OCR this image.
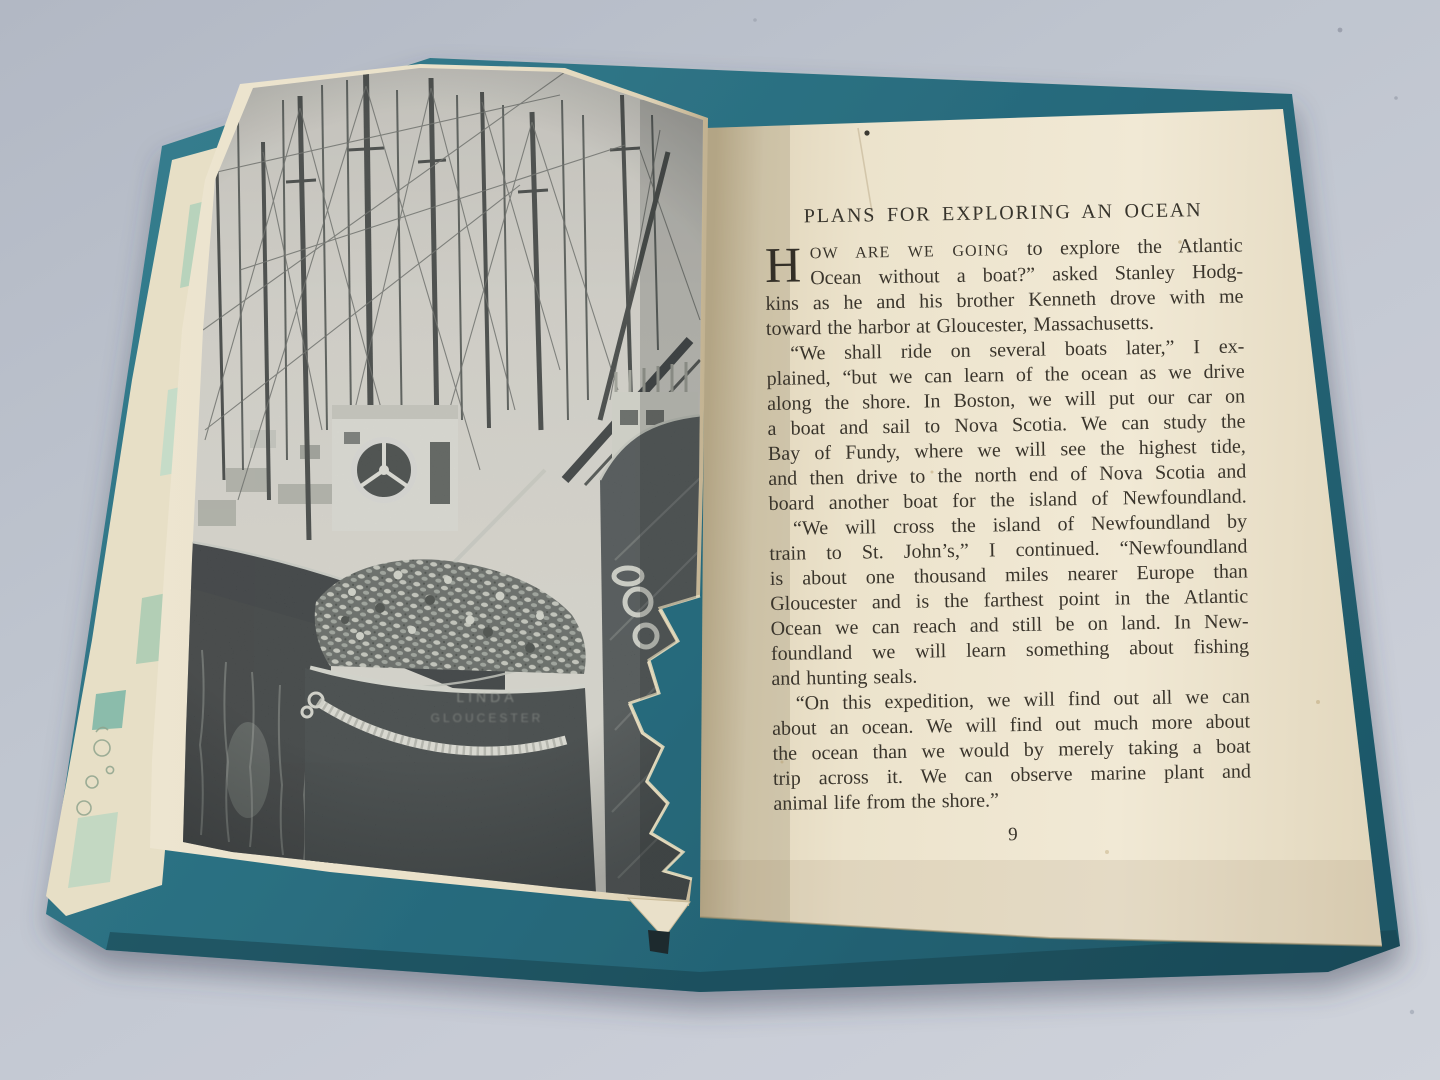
PLANS FOR EXPLORING AN OCEAN
H OW ARE WE GOING to explore the Atlantic
Ocean without a boat?” asked Stanley Hodg-
kins as he and his brother Kenneth drove with me
toward the harbor at Gloucester, Massachusetts.
“We shall ride on several boats later,” I ex-
plained, “but we can learn of the ocean as we drive
along the shore. In Boston, we will put our car on
a boat and sail to Nova Scotia. We can study the
Bay of Fundy, where we will see the highest tide,
and then drive to the north end of Nova Scotia and
board another boat for the island of Newfoundland.
“We will cross the island of Newfoundland by
train to St. John’s,” I continued. “Newfoundland
is about one thousand miles nearer Europe than
Gloucester and is the farthest point in the Atlantic
Ocean we can reach and still be on land. In New-
foundland we will learn something about fishing
and hunting seals.
“On this expedition, we will find out all we can
about an ocean. We will find out much more about
the ocean than we would by merely taking a boat
trip across it. We can observe marine plant and
animal life from the shore.”
9
